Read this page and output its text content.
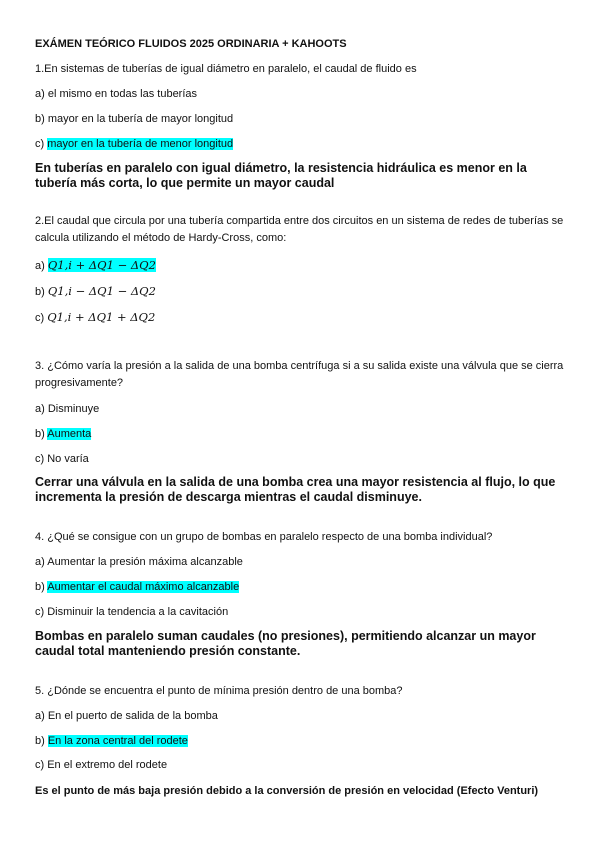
EXÁMEN TEÓRICO FLUIDOS 2025 ORDINARIA + KAHOOTS
1.En sistemas de tuberías de igual diámetro en paralelo, el caudal de fluido es
a) el mismo en todas las tuberías
b) mayor en la tubería de mayor longitud
c) mayor en la tubería de menor longitud
En tuberías en paralelo con igual diámetro, la resistencia hidráulica es menor en la tubería más corta, lo que permite un mayor caudal
2.El caudal que circula por una tubería compartida entre dos circuitos en un sistema de redes de tuberías se calcula utilizando el método de Hardy-Cross, como:
a) Q1,i + ΔQ1 − ΔQ2
b) Q1,i − ΔQ1 − ΔQ2
c) Q1,i + ΔQ1 + ΔQ2
3. ¿Cómo varía la presión a la salida de una bomba centrífuga si a su salida existe una válvula que se cierra progresivamente?
a) Disminuye
b) Aumenta
c) No varía
Cerrar una válvula en la salida de una bomba crea una mayor resistencia al flujo, lo que incrementa la presión de descarga mientras el caudal disminuye.
4. ¿Qué se consigue con un grupo de bombas en paralelo respecto de una bomba individual?
a) Aumentar la presión máxima alcanzable
b) Aumentar el caudal máximo alcanzable
c) Disminuir la tendencia a la cavitación
Bombas en paralelo suman caudales (no presiones), permitiendo alcanzar un mayor caudal total manteniendo presión constante.
5. ¿Dónde se encuentra el punto de mínima presión dentro de una bomba?
a) En el puerto de salida de la bomba
b) En la zona central del rodete
c) En el extremo del rodete
Es el punto de más baja presión debido a la conversión de presión en velocidad (Efecto Venturi)
